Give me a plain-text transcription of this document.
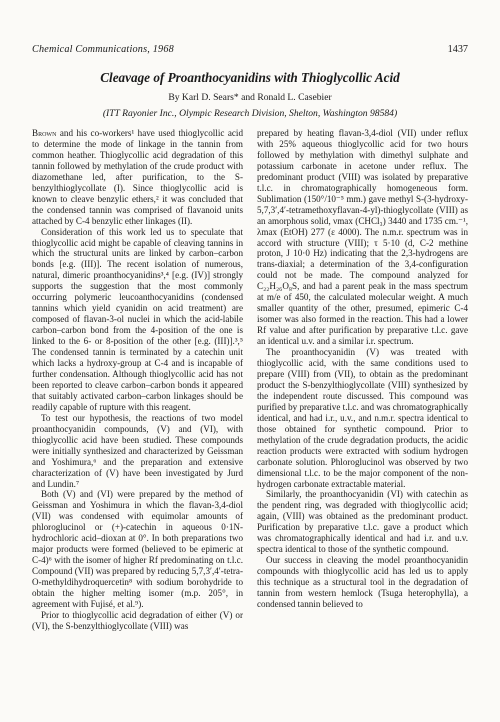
Chemical Communications, 1968	1437
Cleavage of Proanthocyanidins with Thioglycollic Acid
By Karl D. Sears* and Ronald L. Casebier
(ITT Rayonier Inc., Olympic Research Division, Shelton, Washington 98584)

Brown and his co-workers¹ have used thioglycollic acid to determine the mode of linkage in the tannin from common heather. Thioglycollic acid degradation of this tannin followed by methylation of the crude product with diazomethane led, after purification, to the S-benzylthioglycollate (I). Since thioglycollic acid is known to cleave benzylic ethers,² it was concluded that the condensed tannin was comprised of flavanoid units attached by C-4 benzylic ether linkages (II).

Consideration of this work led us to speculate that thioglycollic acid might be capable of cleaving tannins in which the structural units are linked by carbon–carbon bonds [e.g. (III)]. The recent isolation of numerous, natural, dimeric proanthocyanidins³,⁴ [e.g. (IV)] strongly supports the suggestion that the most commonly occurring polymeric leucoanthocyanidins (condensed tannins which yield cyanidin on acid treatment) are composed of flavan-3-ol nuclei in which the acid-labile carbon–carbon bond from the 4-position of the one is linked to the 6- or 8-position of the other [e.g. (III)].³,⁵ The condensed tannin is terminated by a catechin unit which lacks a hydroxy-group at C-4 and is incapable of further condensation. Although thioglycollic acid has not been reported to cleave carbon–carbon bonds it appeared that suitably activated carbon–carbon linkages should be readily capable of rupture with this reagent.

To test our hypothesis, the reactions of two model proanthocyanidin compounds, (V) and (VI), with thioglycollic acid have been studied. These compounds were initially synthesized and characterized by Geissman and Yoshimura,⁶ and the preparation and extensive characterization of (V) have been investigated by Jurd and Lundin.⁷

Both (V) and (VI) were prepared by the method of Geissman and Yoshimura in which the flavan-3,4-diol (VII) was condensed with equimolar amounts of phloroglucinol or (+)-catechin in aqueous 0·1N-hydrochloric acid–dioxan at 0°. In both preparations two major products were formed (believed to be epimeric at C-4)⁶ with the isomer of higher Rf predominating on t.l.c. Compound (VII) was prepared by reducing 5,7,3′,4′-tetra-O-methyldihydroquercetin⁸ with sodium borohydride to obtain the higher melting isomer (m.p. 205°, in agreement with Fujisé, et al.⁹).

Prior to thioglycollic acid degradation of either (V) or (VI), the S-benzylthioglycollate (VIII) was

prepared by heating flavan-3,4-diol (VII) under reflux with 25% aqueous thioglycollic acid for two hours followed by methylation with dimethyl sulphate and potassium carbonate in acetone under reflux. The predominant product (VIII) was isolated by preparative t.l.c. in chromatographically homogeneous form. Sublimation (150°/10⁻⁵ mm.) gave methyl S-(3-hydroxy-5,7,3′,4′-tetramethoxyflavan-4-yl)-thioglycollate (VIII) as an amorphous solid, νmax (CHCl₃) 3440 and 1735 cm.⁻¹, λmax (EtOH) 277 (ε 4000). The n.m.r. spectrum was in accord with structure (VIII); τ 5·10 (d, C-2 methine proton, J 10·0 Hz) indicating that the 2,3-hydrogens are trans-diaxial; a determination of the 3,4-configuration could not be made. The compound analyzed for C₂₂H₂₆O₈S, and had a parent peak in the mass spectrum at m/e of 450, the calculated molecular weight. A much smaller quantity of the other, presumed, epimeric C-4 isomer was also formed in the reaction. This had a lower Rf value and after purification by preparative t.l.c. gave an identical u.v. and a similar i.r. spectrum.

The proanthocyanidin (V) was treated with thioglycollic acid, with the same conditions used to prepare (VIII) from (VII), to obtain as the predominant product the S-benzylthioglycollate (VIII) synthesized by the independent route discussed. This compound was purified by preparative t.l.c. and was chromatographically identical, and had i.r., u.v., and n.m.r. spectra identical to those obtained for synthetic compound. Prior to methylation of the crude degradation products, the acidic reaction products were extracted with sodium hydrogen carbonate solution. Phloroglucinol was observed by two dimensional t.l.c. to be the major component of the non-hydrogen carbonate extractable material.

Similarly, the proanthocyanidin (VI) with catechin as the pendent ring, was degraded with thioglycollic acid; again, (VIII) was obtained as the predominant product. Purification by preparative t.l.c. gave a product which was chromatographically identical and had i.r. and u.v. spectra identical to those of the synthetic compound.

Our success in cleaving the model proanthocyanidin compounds with thioglycollic acid has led us to apply this technique as a structural tool in the degradation of tannin from western hemlock (Tsuga heterophylla), a condensed tannin believed to
